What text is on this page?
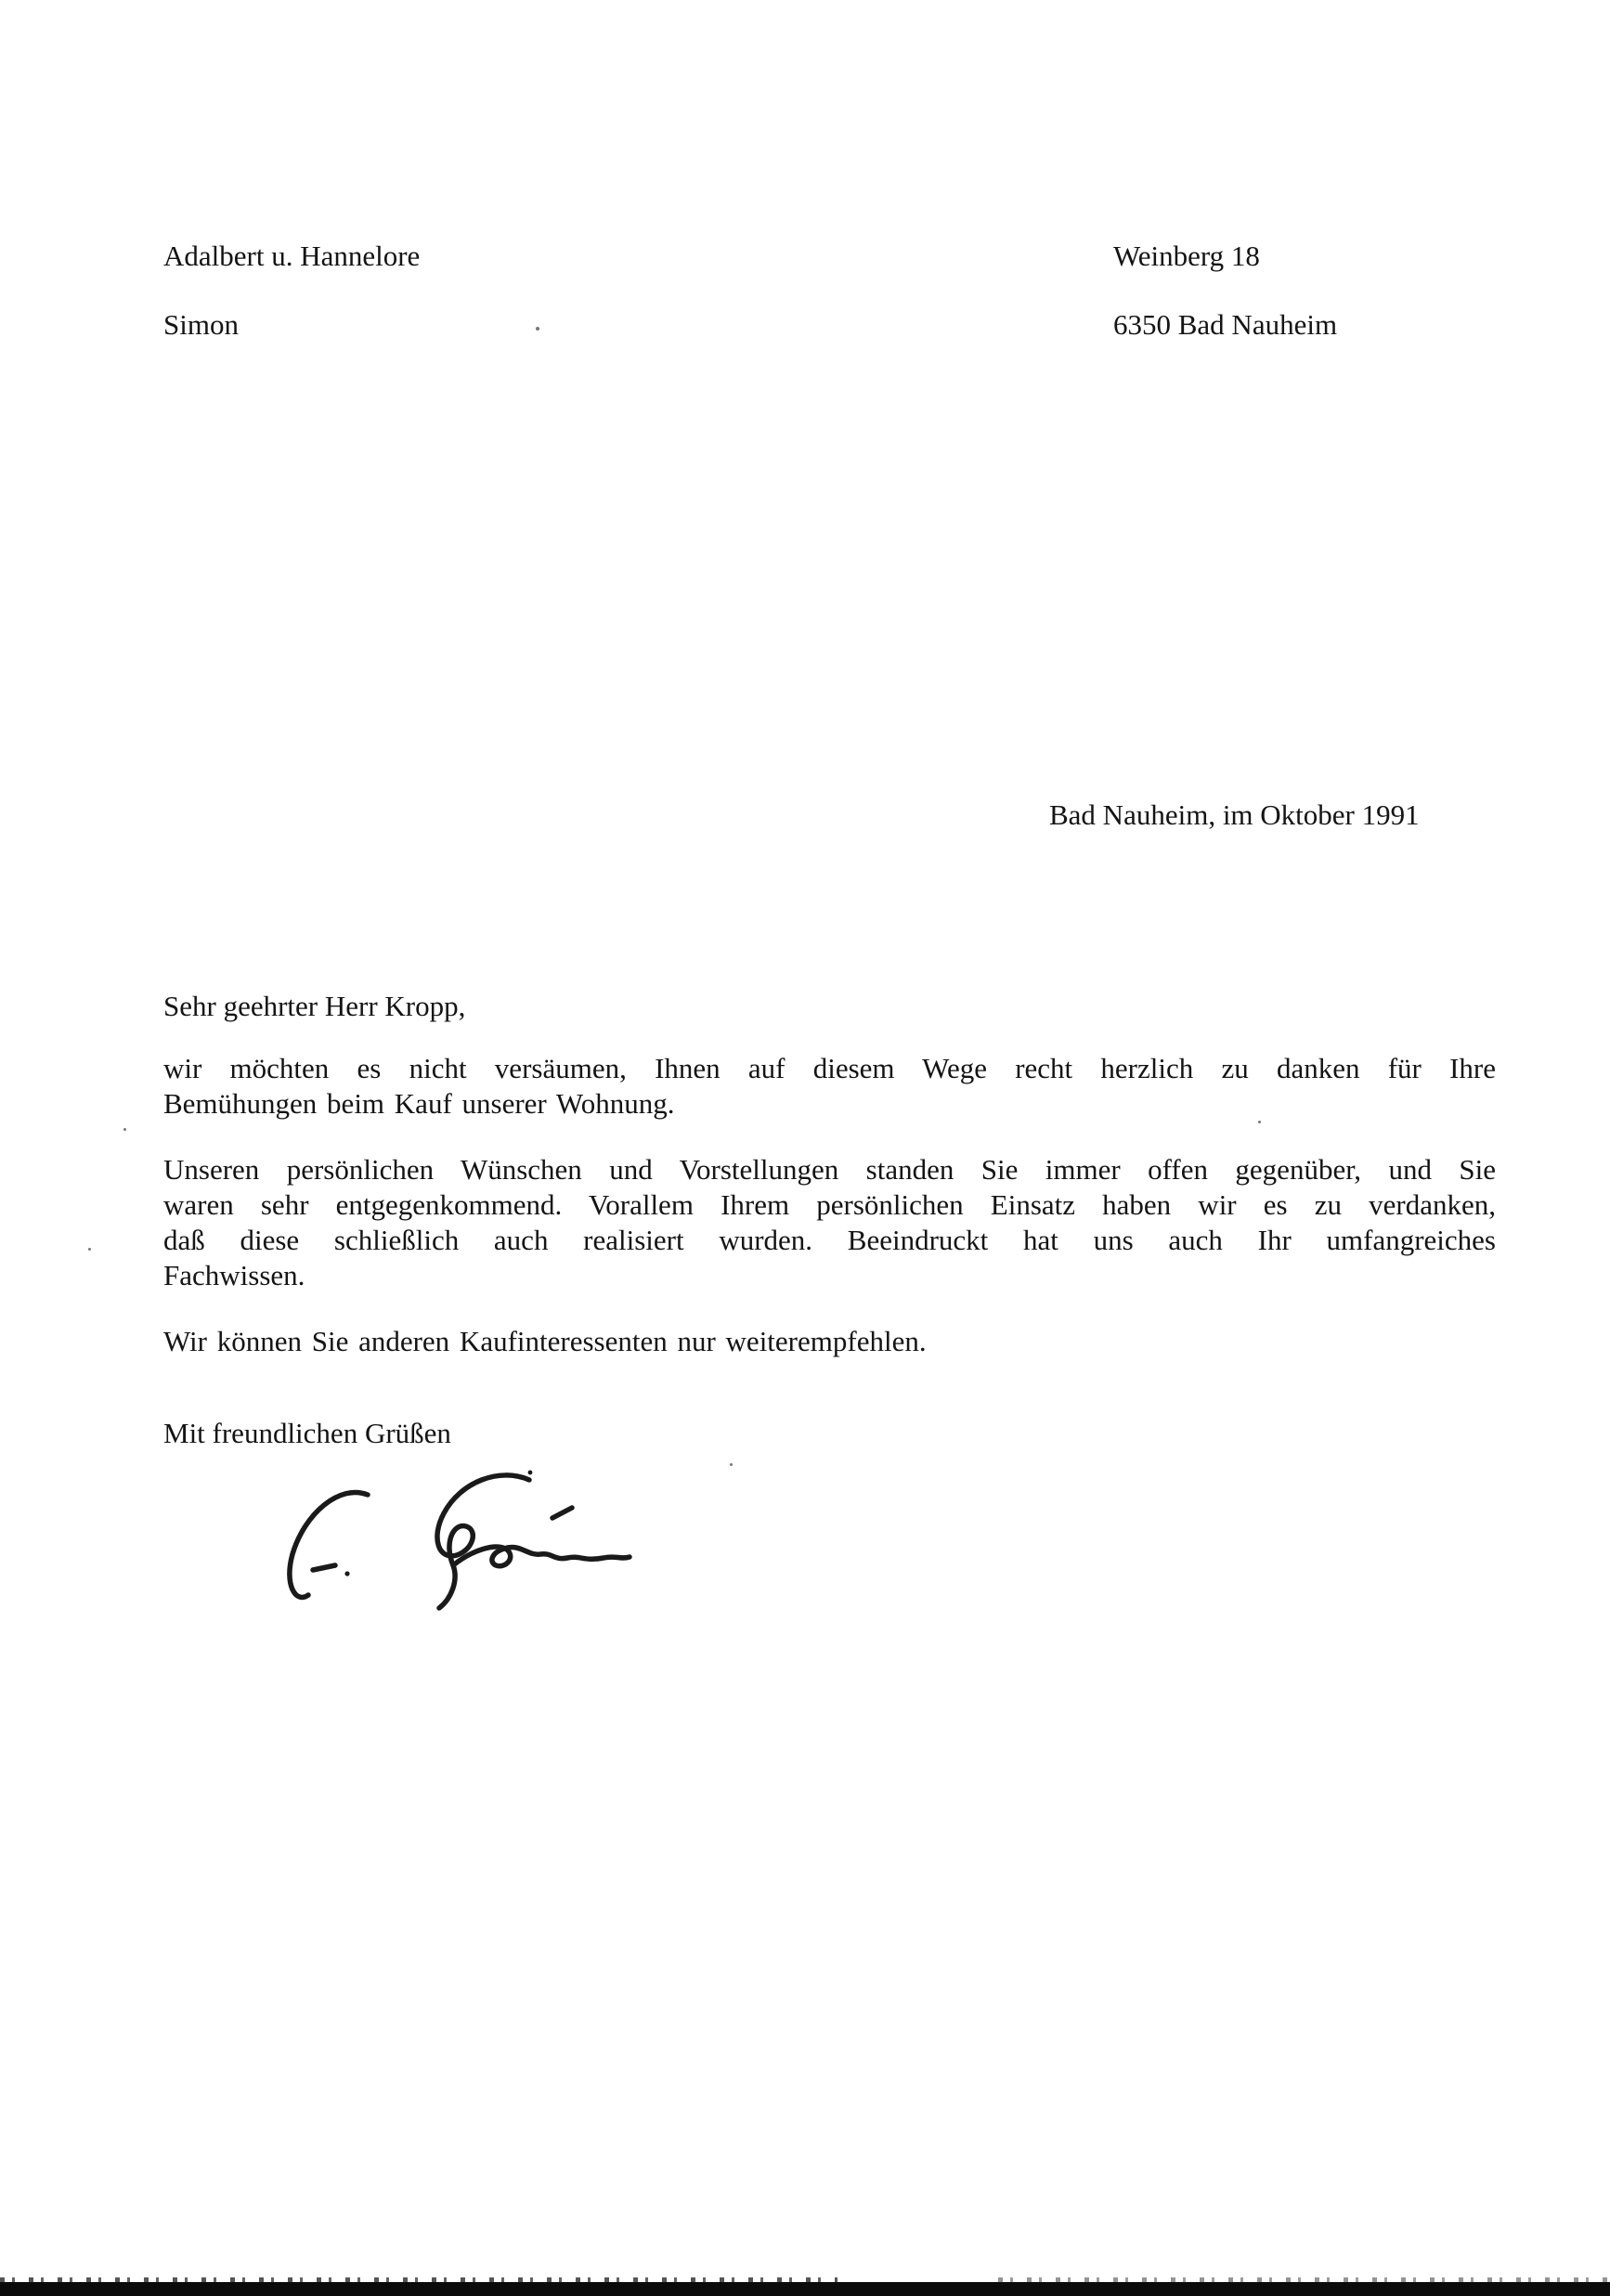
Adalbert u. Hannelore

Simon

Weinberg 18

6350 Bad Nauheim

Bad Nauheim, im Oktober 1991
Sehr geehrter Herr Kropp,
wir möchten es nicht versäumen, Ihnen auf diesem Wege recht herzlich zu danken für Ihre
Bemühungen beim Kauf unserer Wohnung.
Unseren persönlichen Wünschen und Vorstellungen standen Sie immer offen gegenüber, und Sie
waren sehr entgegenkommend. Vorallem Ihrem persönlichen Einsatz haben wir es zu verdanken,
daß diese schließlich auch realisiert wurden. Beeindruckt hat uns auch Ihr umfangreiches
Fachwissen.
Wir können Sie anderen Kaufinteressenten nur weiterempfehlen.
Mit freundlichen Grüßen
